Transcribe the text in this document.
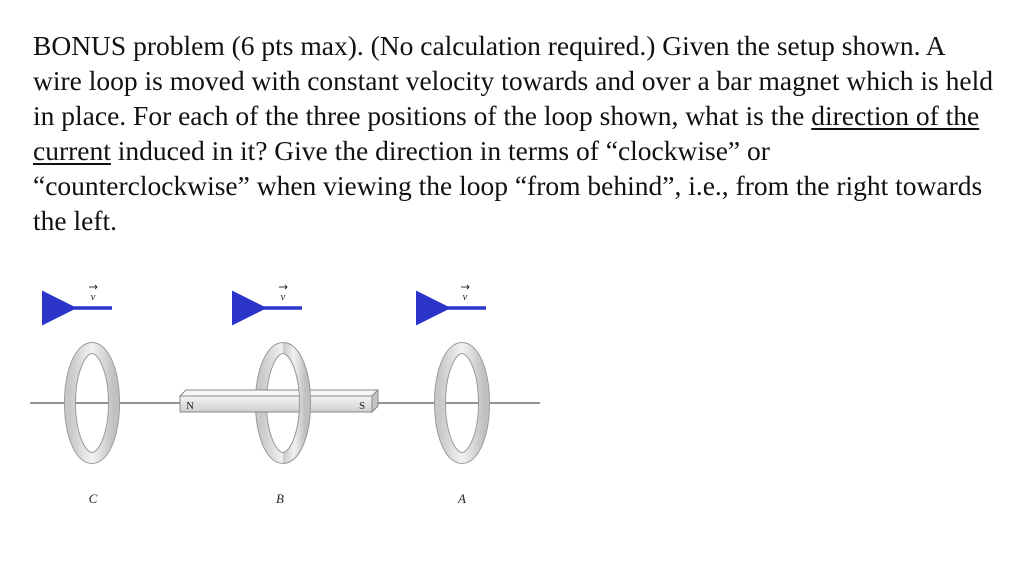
BONUS problem (6 pts max). (No calculation required.) Given the setup shown. A wire loop is moved with constant velocity towards and over a bar magnet which is held in place. For each of the three positions of the loop shown, what is the direction of the current induced in it? Give the direction in terms of “clockwise” or “counterclockwise” when viewing the loop “from behind”, i.e., from the right towards the left.

N	S
v	v	v
C	B	A
